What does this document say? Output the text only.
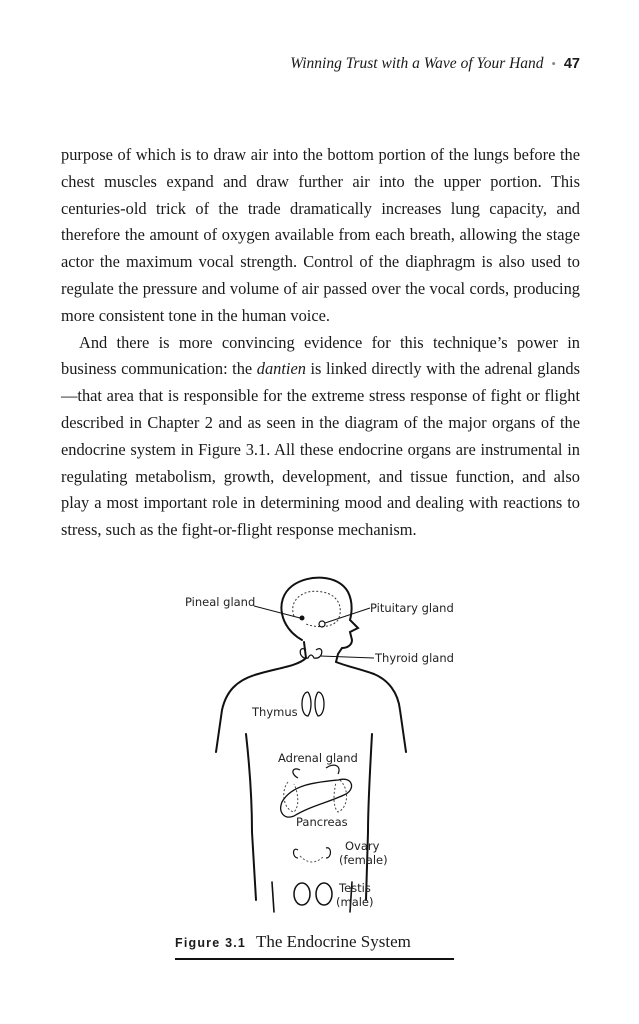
Winning Trust with a Wave of Your Hand • 47

purpose of which is to draw air into the bottom portion of the lungs before the chest muscles expand and draw further air into the upper portion. This centuries-old trick of the trade dramatically increases lung capacity, and therefore the amount of oxygen available from each breath, allowing the stage actor the maximum vocal strength. Control of the diaphragm is also used to regulate the pressure and volume of air passed over the vocal cords, producing more consistent tone in the human voice.

And there is more convincing evidence for this technique’s power in business communication: the dantien is linked directly with the adrenal glands—that area that is responsible for the extreme stress response of fight or flight described in Chapter 2 and as seen in the diagram of the major organs of the endocrine system in Figure 3.1. All these endocrine organs are instrumental in regulating metabolism, growth, development, and tissue function, and also play a most important role in determining mood and dealing with reactions to stress, such as the fight-or-flight response mechanism.

Pineal gland	Pituitary gland
Thyroid gland
Thymus
Adrenal gland
Pancreas
Ovary
(female)
Testis
(male)
Figure 3.1 The Endocrine System
